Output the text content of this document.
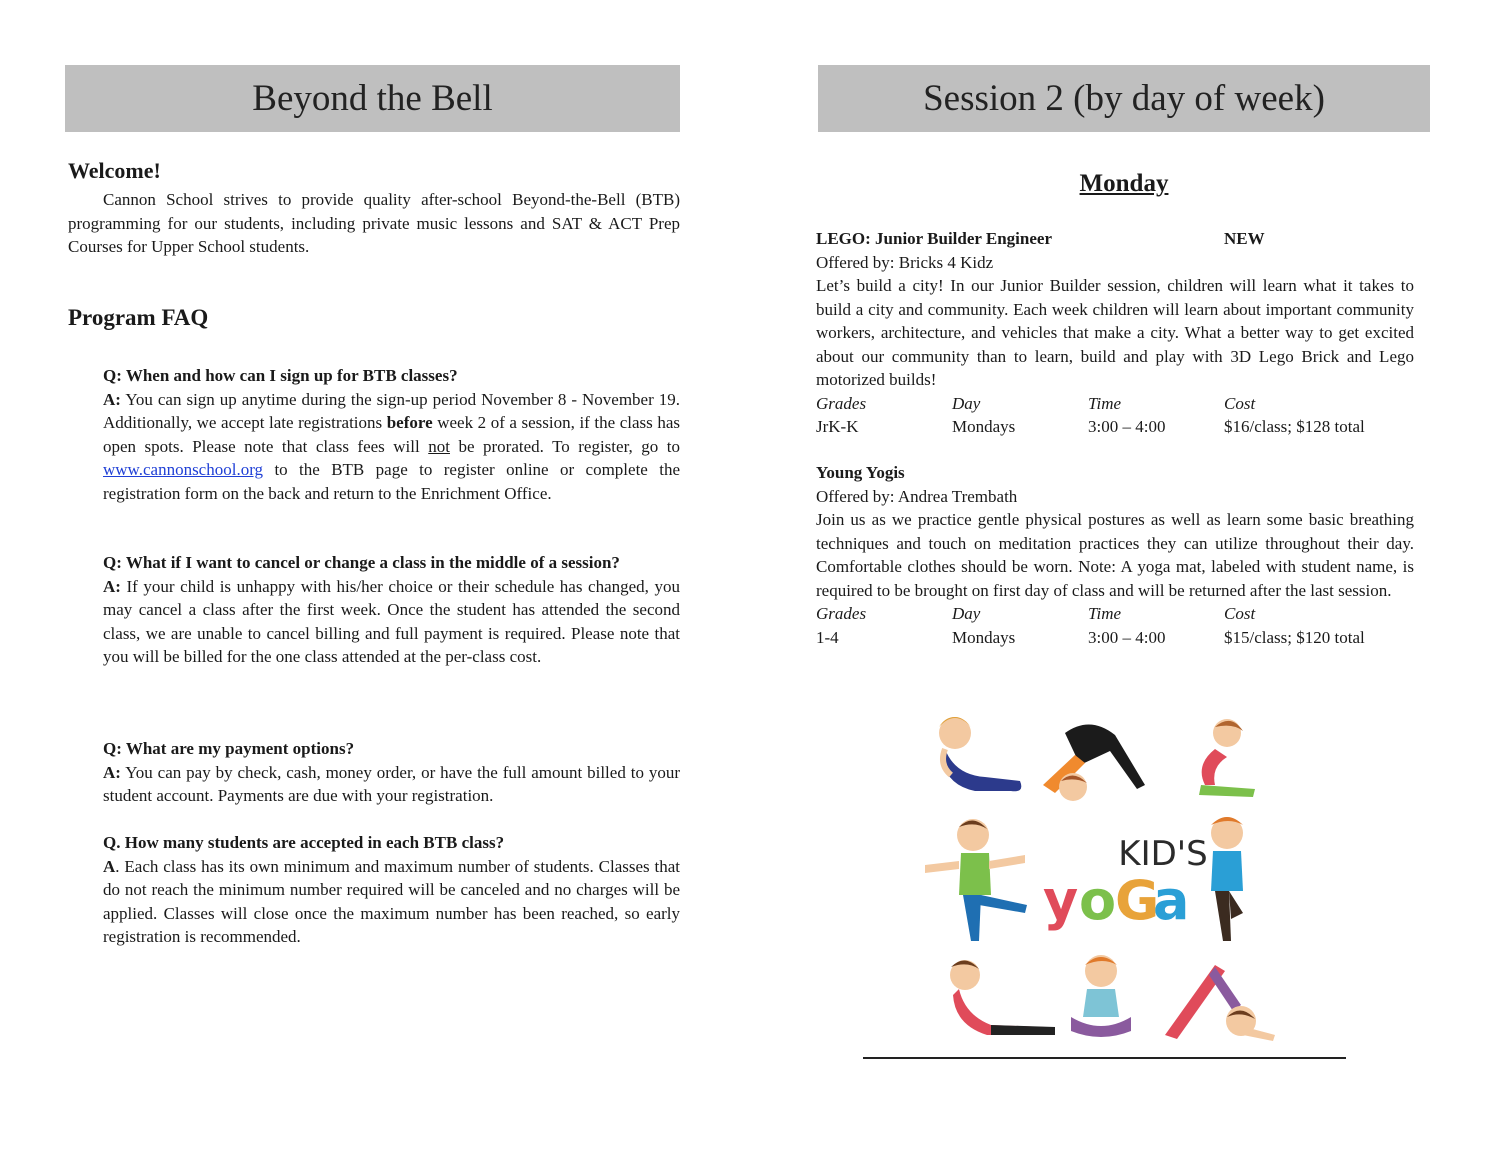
Beyond the Bell
Welcome!

Cannon School strives to provide quality after-school Beyond-the-Bell (BTB) programming for our students, including private music lessons and SAT & ACT Prep Courses for Upper School students.

Program FAQ
Q: When and how can I sign up for BTB classes?

A: You can sign up anytime during the sign-up period November 8 - November 19. Additionally, we accept late registrations before week 2 of a session, if the class has open spots. Please note that class fees will not be prorated. To register, go to www.cannonschool.org to the BTB page to register online or complete the registration form on the back and return to the Enrichment Office.

Q: What if I want to cancel or change a class in the middle of a session?

A: If your child is unhappy with his/her choice or their schedule has changed, you may cancel a class after the first week. Once the student has attended the second class, we are unable to cancel billing and full payment is required. Please note that you will be billed for the one class attended at the per-class cost.

Q: What are my payment options?

A: You can pay by check, cash, money order, or have the full amount billed to your student account. Payments are due with your registration.

Q. How many students are accepted in each BTB class?

A. Each class has its own minimum and maximum number of students. Classes that do not reach the minimum number required will be canceled and no charges will be applied. Classes will close once the maximum number has been reached, so early registration is recommended.

Session 2 (by day of week)
Monday
LEGO: Junior Builder Engineer	NEW

Offered by: Bricks 4 Kidz

Let’s build a city! In our Junior Builder session, children will learn what it takes to build a city and community. Each week children will learn about important community workers, architecture, and vehicles that make a city. What a better way to get excited about our community than to learn, build and play with 3D Lego Brick and Lego motorized builds!

Grades	Day	Time	Cost
JrK-K	Mondays	3:00 – 4:00	$16/class; $128 total
Young Yogis

Offered by: Andrea Trembath

Join us as we practice gentle physical postures as well as learn some basic breathing techniques and touch on meditation practices they can utilize throughout their day. Comfortable clothes should be worn. Note: A yoga mat, labeled with student name, is required to be brought on first day of class and will be returned after the last session.

Grades	Day	Time	Cost
1-4	Mondays	3:00 – 4:00	$15/class; $120 total
KID'S
y o
G
a
